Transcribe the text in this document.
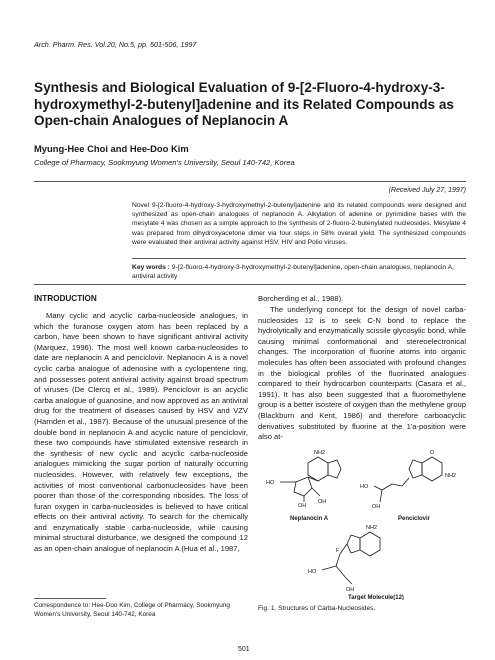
Arch. Pharm. Res. Vol.20, No.5, pp. 501-506, 1997
Synthesis and Biological Evaluation of 9-[2-Fluoro-4-hydroxy-3-hydroxymethyl-2-butenyl]adenine and its Related Compounds as Open-chain Analogues of Neplanocin A
Myung-Hee Choi and Hee-Doo Kim
College of Pharmacy, Sookmyung Women's University, Seoul 140-742, Korea
(Received July 27, 1997)
Novel 9-[2-fluoro-4-hydroxy-3-hydroxymethyl-2-butenyl]adenine and its related compounds were designed and synthesized as open-chain analogues of neplanocin A. Alkylation of adenine or pyrimidine bases with the mesylate 4 was chosen as a simple approach to the synthesis of 2-fluoro-2-butenylated nucleosides. Mesylate 4 was prepared from dihydroxyacetone dimer via four steps in 58% overall yield. The synthesized compounds were evaluated their antiviral activity against HSV, HIV and Polio viruses.
Key words : 9-[2-fluoro-4-hydroxy-3-hydroxymethyl-2-butenyl]adenine, open-chain analogues, neplanocin A, antiviral activity
INTRODUCTION
Many cyclic and acyclic carba-nucleoside analogues, in which the furanose oxygen atom has been replaced by a carbon, have been shown to have significant antiviral activity (Marquez, 1996). The most well known carba-nucleosides to date are neplanocin A and penciclovir. Neplanocin A is a novel cyclic carba analogue of adenosine with a cyclopentene ring, and possesses potent antiviral activity against broad spectrum of viruses (De Clercq et al., 1989). Penciclovir is an acyclic carba analogue of guanosine, and now approved as an antiviral drug for the treatment of diseases caused by HSV and VZV (Harnden et al., 1987). Because of the unusual presence of the double bond in neplanocin A and acyclic nature of penciclovir, these two compounds have stimulated extensive research in the synthesis of new cyclic and acyclic carba-nucleoside analogues mimicking the sugar portion of naturally occurring nucleosides. However, with relatively few exceptions, the activities of most conventional carbonucleosides have been poorer than those of the corresponding ribosides. The loss of furan oxygen in carba-nucleosides is believed to have critical effects on their antiviral activity. To search for the chemically and enzymatically stable carba-nucleoside, while causing minimal structural disturbance, we designed the compound 12 as an open-chain analogue of neplanocin A (Hua et al., 1987,
Borcherding et al., 1988).
The underlying concept for the design of novel carba-nucleosides 12 is to seek C-N bond to replace the hydrolytically and enzymatically scissile glycosylic bond, while causing minimal conformational and stereoelectronical changes. The incorporation of fluorine atoms into organic molecules has often been associated with profound changes in the biological profiles of the fluorinated analogues compared to their hydrocarbon counterparts (Casara et al., 1991). It has also been suggested that a fluoromethylene group is a better isostere of oxygen than the methylene group (Blackburn and Kent, 1986) and therefore carboacyclic derivatives substituted by fluorine at the 1'a-position were also at-
NH2
HO
OH
OH
Neplanocin A
O
NH2
HO
OH
Penciclovir
NH2
F
HO
OH
Target Molecule(12)
Correspondence to: Hee-Doo Kim, College of Pharmacy, Sookmyung Women's University, Seoul 140-742, Korea
Fig. 1. Structures of Carba-Nucleosides.
501
